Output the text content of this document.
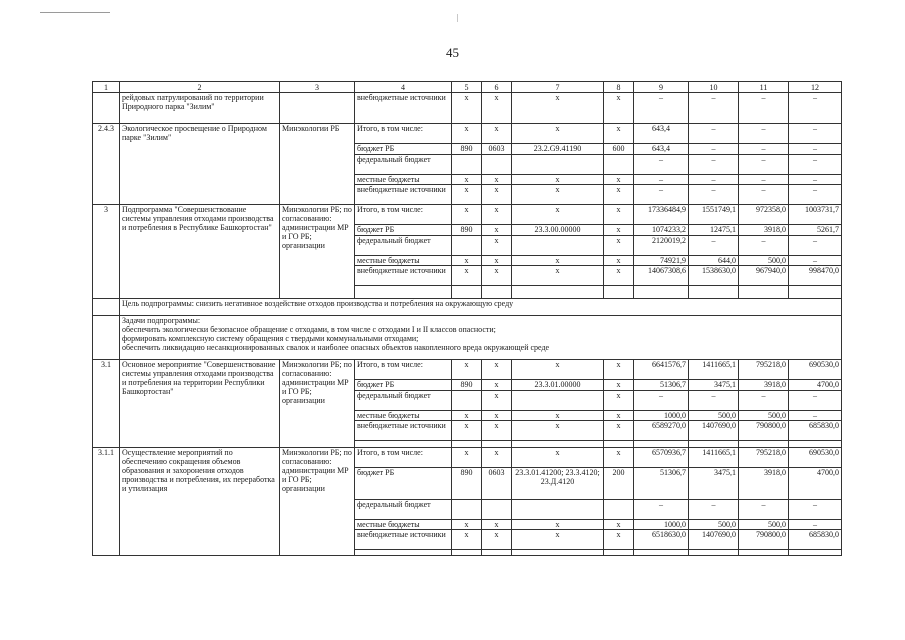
45
1	2	3	4	5	6	7	8	9	10	11	12
	рейдовых патрулирований по территории Природного парка "Зилим"		внебюджетные источники	х	х	х	х	–	–	–	–
2.4.3	Экологическое просвещение о Природном парке "Зилим"	Минэкологии РБ	Итого, в том числе:	х	х	х	х	643,4	–	–	–
			бюджет РБ	890	0603	23.2.G9.41190	600	643,4	–	–	–
			федеральный бюджет					–	–	–	–
			местные бюджеты	х	х	х	х	–	–	–	–
			внебюджетные источники	х	х	х	х	–	–	–	–
3	Подпрограмма "Совершенствование системы управления отходами производства и потребления в Республике Башкортостан"	Минэкологии РБ; по согласованию: администрации МР и ГО РБ; организации	Итого, в том числе:	х	х	х	х	17336484,9	1551749,1	972358,0	1003731,7
			бюджет РБ	890	х	23.3.00.00000	х	1074233,2	12475,1	3918,0	5261,7
			федеральный бюджет		х		х	2120019,2	–	–	–
			местные бюджеты	х	х	х	х	74921,9	644,0	500,0	–
			внебюджетные источники	х	х	х	х	14067308,6	1538630,0	967940,0	998470,0

	Цель подпрограммы: снизить негативное воздействие отходов производства и потребления на окружающую среду										

	Задачи подпрограммы:
обеспечить экологически безопасное обращение с отходами, в том числе с отходами I и II классов опасности;
формировать комплексную систему обращения с твердыми коммунальными отходами;
обеспечить ликвидацию несанкционированных свалок и наиболее опасных объектов накопленного вреда окружающей среде										

3.1	Основное мероприятие "Совершенствование системы управления отходами производства и потребления на территории Республики Башкортостан"	Минэкологии РБ; по согласованию: администрации МР и ГО РБ; организации	Итого, в том числе:	х	х	х	х	6641576,7	1411665,1	795218,0	690530,0
			бюджет РБ	890	х	23.3.01.00000	х	51306,7	3475,1	3918,0	4700,0
			федеральный бюджет		х		х	–	–	–	–
			местные бюджеты	х	х	х	х	1000,0	500,0	500,0	–
			внебюджетные источники	х	х	х	х	6589270,0	1407690,0	790800,0	685830,0

3.1.1	Осуществление мероприятий по обеспечению сокращения объемов образования и захоронения отходов производства и потребления, их переработка и утилизация	Минэкологии РБ; по согласованию: администрации МР и ГО РБ; организации	Итого, в том числе:	х	х	х	х	6570936,7	1411665,1	795218,0	690530,0
			бюджет РБ	890	0603	23.3.01.41200; 23.3.4120; 23.Д.4120	200	51306,7	3475,1	3918,0	4700,0
			федеральный бюджет					–	–	–	–
			местные бюджеты	х	х	х	х	1000,0	500,0	500,0	–
			внебюджетные источники	х	х	х	х	6518630,0	1407690,0	790800,0	685830,0
